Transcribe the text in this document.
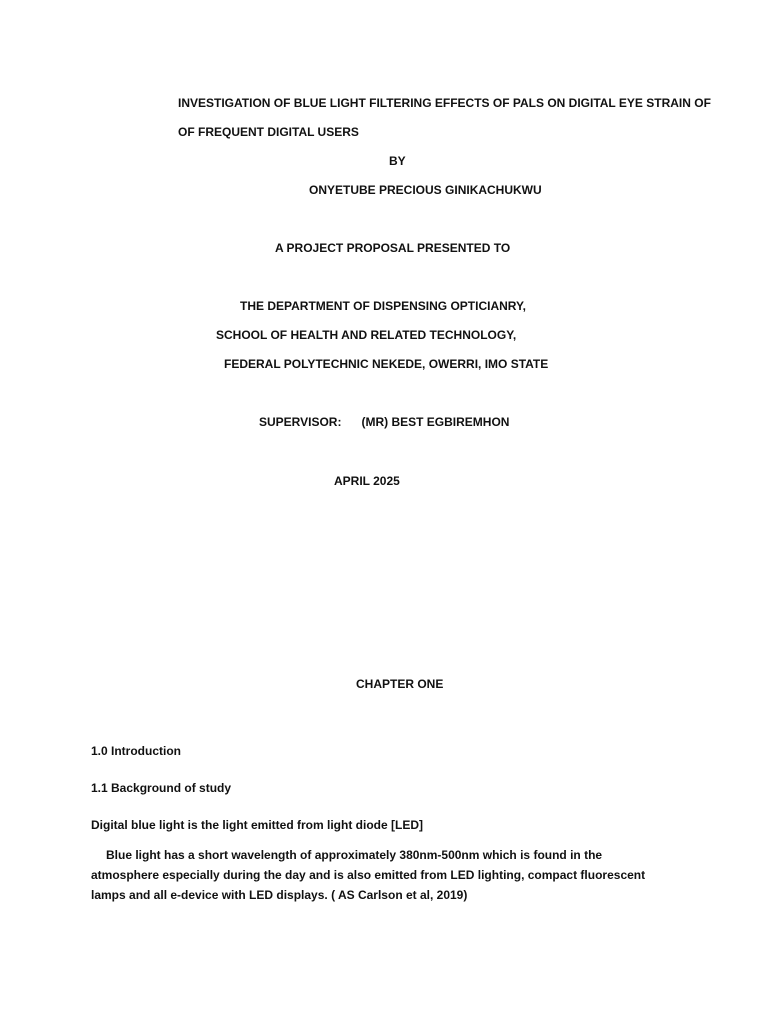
INVESTIGATION OF BLUE LIGHT FILTERING EFFECTS OF PALS ON DIGITAL EYE STRAIN OF
OF FREQUENT DIGITAL USERS
BY
ONYETUBE PRECIOUS GINIKACHUKWU
A PROJECT PROPOSAL PRESENTED TO
THE DEPARTMENT OF DISPENSING OPTICIANRY,
SCHOOL OF HEALTH AND RELATED TECHNOLOGY,
FEDERAL POLYTECHNIC NEKEDE, OWERRI, IMO STATE
SUPERVISOR: (MR) BEST EGBIREMHON
APRIL 2025
CHAPTER ONE
1.0 Introduction
1.1 Background of study
Digital blue light is the light emitted from light diode [LED]
Blue light has a short wavelength of approximately 380nm-500nm which is found in the atmosphere especially during the day and is also emitted from LED lighting, compact fluorescent lamps and all e-device with LED displays. ( AS Carlson et al, 2019)
